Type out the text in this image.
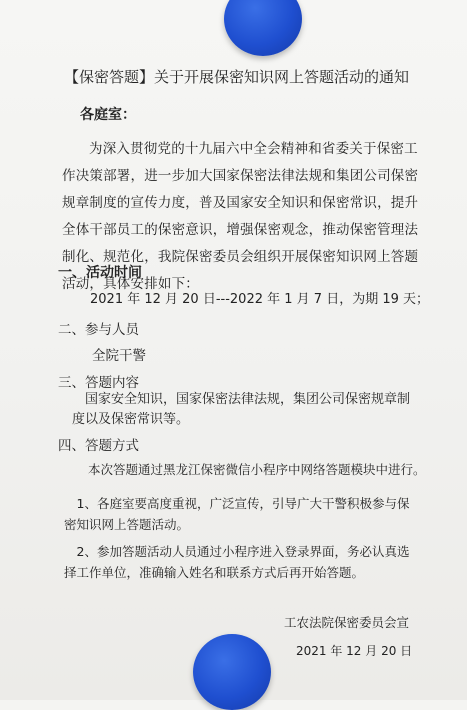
【保密答题】关于开展保密知识网上答题活动的通知
各庭室：
为深入贯彻党的十九届六中全会精神和省委关于保密工作决策部署，进一步加大国家保密法律法规和集团公司保密规章制度的宣传力度，普及国家安全知识和保密常识，提升全体干部员工的保密意识，增强保密观念，推动保密管理法制化、规范化，我院保密委员会组织开展保密知识网上答题活动，具体安排如下：
一、活动时间
2021 年 12 月 20 日---2022 年 1 月 7 日，为期 19 天；
二、参与人员
全院干警
三、答题内容
国家安全知识，国家保密法律法规，集团公司保密规章制度以及保密常识等。
四、答题方式
本次答题通过黑龙江保密微信小程序中网络答题模块中进行。
1、各庭室要高度重视，广泛宣传，引导广大干警积极参与保密知识网上答题活动。
2、参加答题活动人员通过小程序进入登录界面，务必认真选择工作单位，准确输入姓名和联系方式后再开始答题。
工农法院保密委员会宣
2021 年 12 月 20 日
